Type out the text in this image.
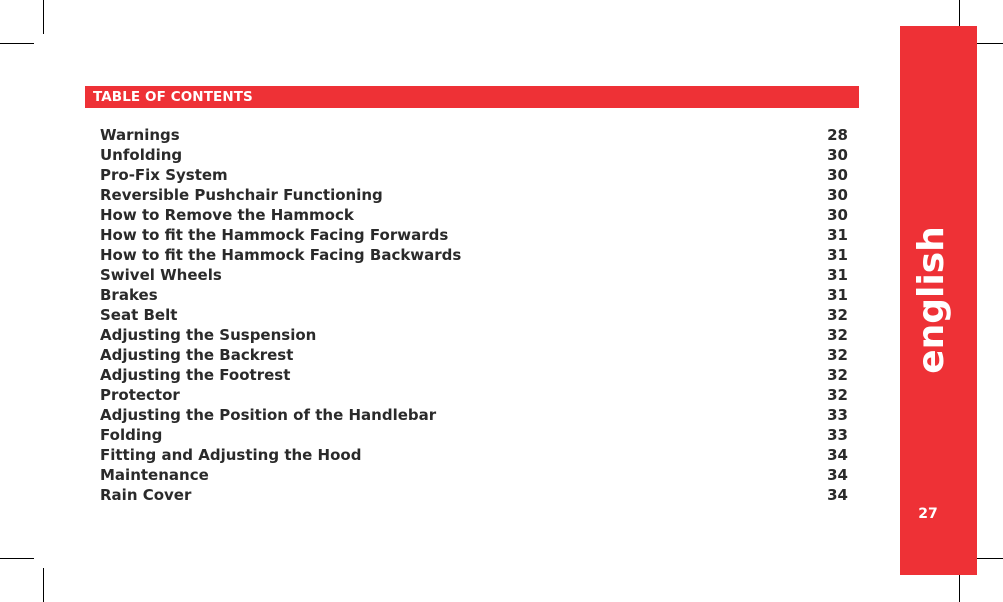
TABLE OF CONTENTS
Warnings	28
Unfolding	30
Pro-Fix System	30
Reversible Pushchair Functioning	30
How to Remove the Hammock	30
How to fit the Hammock Facing Forwards	31
How to fit the Hammock Facing Backwards	31
Swivel Wheels	31
Brakes	31
Seat Belt	32
Adjusting the Suspension	32
Adjusting the Backrest	32
Adjusting the Footrest	32
Protector	32
Adjusting the Position of the Handlebar	33
Folding	33
Fitting and Adjusting the Hood	34
Maintenance	34
Rain Cover	34
english
27
